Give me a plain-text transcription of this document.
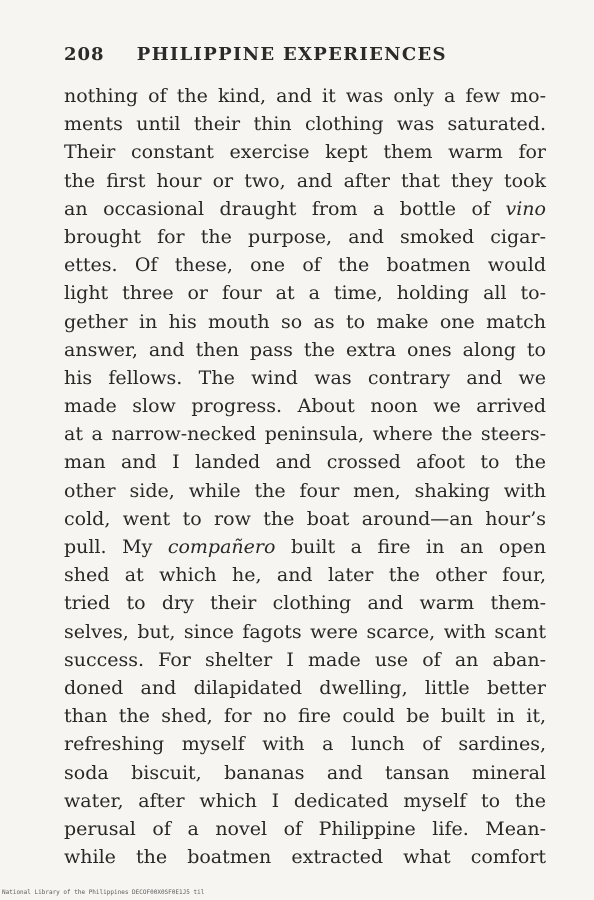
208 PHILIPPINE EXPERIENCES
nothing of the kind, and it was only a few mo-
ments until their thin clothing was saturated.
Their constant exercise kept them warm for
the first hour or two, and after that they took
an occasional draught from a bottle of vino
brought for the purpose, and smoked cigar-
ettes. Of these, one of the boatmen would
light three or four at a time, holding all to-
gether in his mouth so as to make one match
answer, and then pass the extra ones along to
his fellows. The wind was contrary and we
made slow progress. About noon we arrived
at a narrow-necked peninsula, where the steers-
man and I landed and crossed afoot to the
other side, while the four men, shaking with
cold, went to row the boat around—an hour’s
pull. My compañero built a fire in an open
shed at which he, and later the other four,
tried to dry their clothing and warm them-
selves, but, since fagots were scarce, with scant
success. For shelter I made use of an aban-
doned and dilapidated dwelling, little better
than the shed, for no fire could be built in it,
refreshing myself with a lunch of sardines,
soda biscuit, bananas and tansan mineral
water, after which I dedicated myself to the
perusal of a novel of Philippine life. Mean-
while the boatmen extracted what comfort
National Library of the Philippines DECOF00X0SF0E1J5 til
